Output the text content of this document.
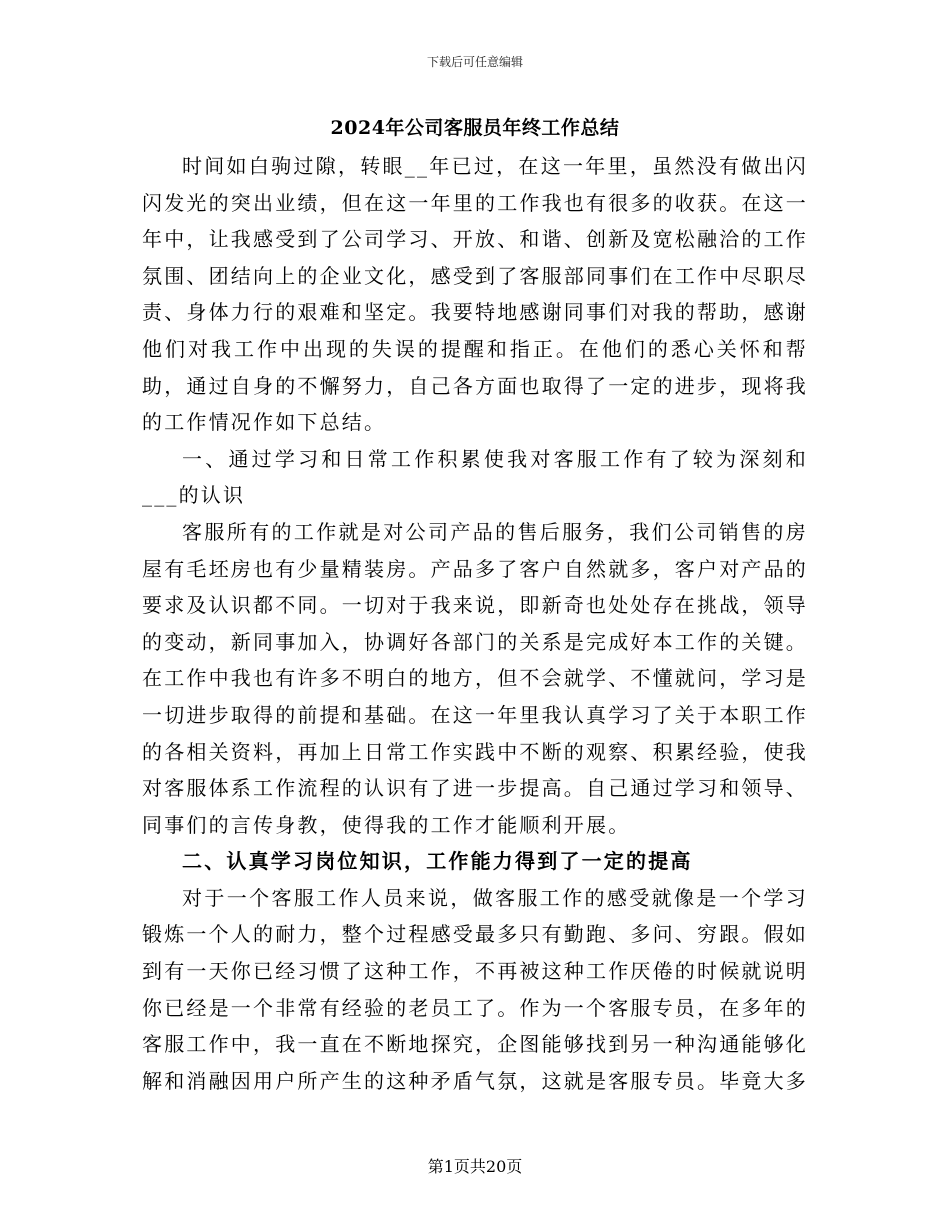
下载后可任意编辑
2024年公司客服员年终工作总结

时间如白驹过隙，转眼__年已过，在这一年里，虽然没有做出闪闪发光的突出业绩，但在这一年里的工作我也有很多的收获。在这一年中，让我感受到了公司学习、开放、和谐、创新及宽松融洽的工作氛围、团结向上的企业文化，感受到了客服部同事们在工作中尽职尽责、身体力行的艰难和坚定。我要特地感谢同事们对我的帮助，感谢他们对我工作中出现的失误的提醒和指正。在他们的悉心关怀和帮助，通过自身的不懈努力，自己各方面也取得了一定的进步，现将我的工作情况作如下总结。

一、通过学习和日常工作积累使我对客服工作有了较为深刻和___的认识

客服所有的工作就是对公司产品的售后服务，我们公司销售的房屋有毛坯房也有少量精装房。产品多了客户自然就多，客户对产品的要求及认识都不同。一切对于我来说，即新奇也处处存在挑战，领导的变动，新同事加入，协调好各部门的关系是完成好本工作的关键。在工作中我也有许多不明白的地方，但不会就学、不懂就问，学习是一切进步取得的前提和基础。在这一年里我认真学习了关于本职工作的各相关资料，再加上日常工作实践中不断的观察、积累经验，使我对客服体系工作流程的认识有了进一步提高。自己通过学习和领导、同事们的言传身教，使得我的工作才能顺利开展。

二、认真学习岗位知识，工作能力得到了一定的提高

对于一个客服工作人员来说，做客服工作的感受就像是一个学习锻炼一个人的耐力，整个过程感受最多只有勤跑、多问、穷跟。假如到有一天你已经习惯了这种工作，不再被这种工作厌倦的时候就说明你已经是一个非常有经验的老员工了。作为一个客服专员，在多年的客服工作中，我一直在不断地探究，企图能够找到另一种沟通能够化解和消融因用户所产生的这种矛盾气氛，这就是客服专员。毕竟大多

第1页共20页
